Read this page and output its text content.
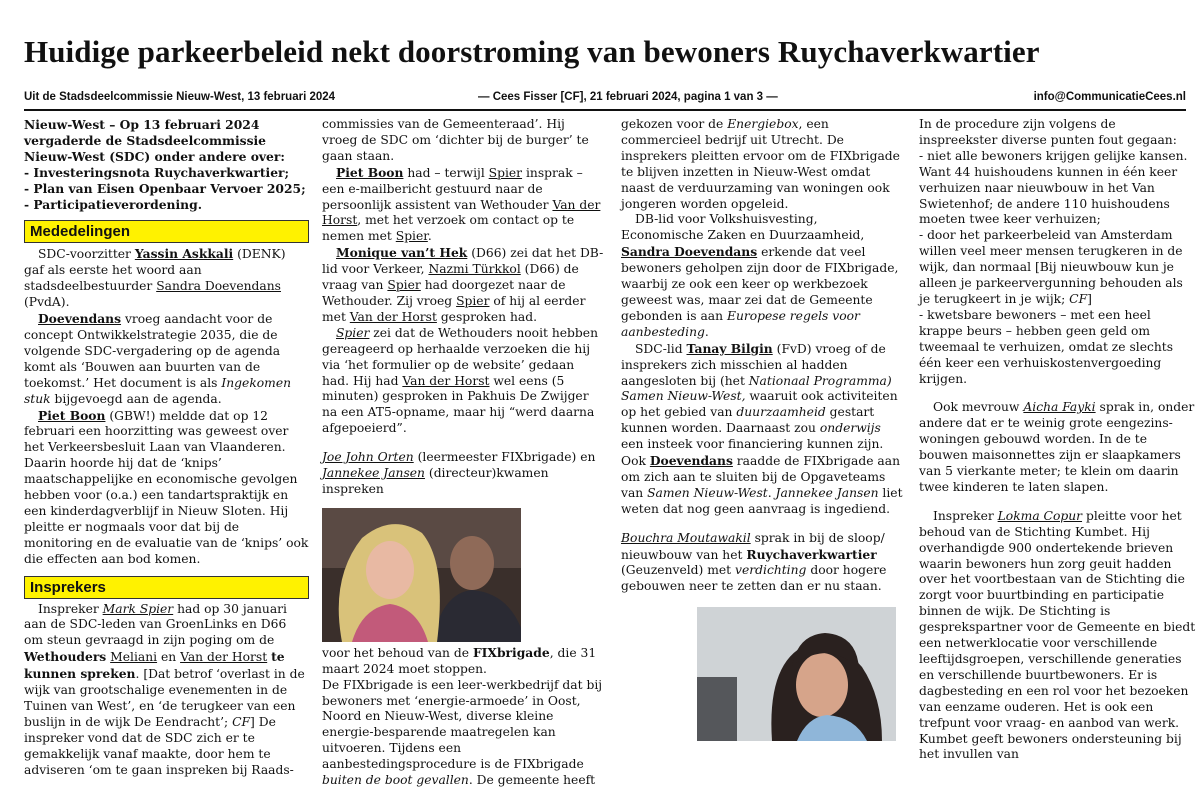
Huidige parkeerbeleid nekt doorstroming van bewoners Ruychaverkwartier
Uit de Stadsdeelcommissie Nieuw-West, 13 februari 2024	— Cees Fisser [CF], 21 februari 2024, pagina 1 van 3 —	info@CommunicatieCees.nl

Nieuw-West – Op 13 februari 2024 vergaderde de Stadsdeelcommissie Nieuw-West (SDC) onder andere over:

- Investeringsnota Ruychaverkwartier;

- Plan van Eisen Openbaar Vervoer 2025;

- Participatieverordening.

Mededelingen

SDC-voorzitter Yassin Askkali (DENK) gaf als eerste het woord aan stadsdeelbestuurder Sandra Doevendans (PvdA).

Doevendans vroeg aandacht voor de concept Ontwikkelstrategie 2035, die de volgende SDC-vergadering op de agenda komt als ‘Bouwen aan buurten van de toekomst.’ Het document is als Ingekomen stuk bijgevoegd aan de agenda.

Piet Boon (GBW!) meldde dat op 12 februari een hoorzitting was geweest over het Verkeersbesluit Laan van Vlaanderen. Daarin hoorde hij dat de ‘knips’ maatschappelijke en economische gevolgen hebben voor (o.a.) een tandartspraktijk en een kinderdagverblijf in Nieuw Sloten. Hij pleitte er nogmaals voor dat bij de monitoring en de evaluatie van de ‘knips’ ook die effecten aan bod komen.

Insprekers

Inspreker Mark Spier had op 30 januari aan de SDC-leden van GroenLinks en D66 om steun gevraagd in zijn poging om de Wethouders Meliani en Van der Horst te kunnen spreken. [Dat betrof ‘overlast in de wijk van grootschalige evenementen in de Tuinen van West’, en ‘de terugkeer van een buslijn in de wijk De Eendracht’; CF] De inspreker vond dat de SDC zich er te gemakkelijk vanaf maakte, door hem te adviseren ‘om te gaan inspreken bij Raads-

commissies van de Gemeenteraad’. Hij vroeg de SDC om ‘dichter bij de burger’ te gaan staan.

Piet Boon had – terwijl Spier insprak – een e-mailbericht gestuurd naar de persoonlijk assistent van Wethouder Van der Horst, met het verzoek om contact op te nemen met Spier.

Monique van’t Hek (D66) zei dat het DB-lid voor Verkeer, Nazmi Türkkol (D66) de vraag van Spier had doorgezet naar de Wethouder. Zij vroeg Spier of hij al eerder met Van der Horst gesproken had.

Spier zei dat de Wethouders nooit hebben gereageerd op herhaalde verzoeken die hij via ‘het formulier op de website’ gedaan had. Hij had Van der Horst wel eens (5 minuten) gesproken in Pakhuis De Zwijger na een AT5-opname, maar hij “werd daarna afgepoeierd”.

Joe John Orten (leermeester FIXbrigade) en Jannekee Jansen (directeur)kwamen inspreken

voor het behoud van de FIXbrigade, die 31 maart 2024 moet stoppen.

De FIXbrigade is een leer-werkbedrijf dat bij bewoners met ‘energie-armoede’ in Oost, Noord en Nieuw-West, diverse kleine energie-besparende maatregelen kan uitvoeren. Tijdens een aanbestedingsprocedure is de FIXbrigade buiten de boot gevallen. De gemeente heeft

gekozen voor de Energiebox, een commercieel bedrijf uit Utrecht. De insprekers pleitten ervoor om de FIXbrigade te blijven inzetten in Nieuw-West omdat naast de verduurzaming van woningen ook jongeren worden opgeleid.

DB-lid voor Volkshuisvesting, Economische Zaken en Duurzaamheid, Sandra Doevendans erkende dat veel bewoners geholpen zijn door de FIXbrigade, waarbij ze ook een keer op werkbezoek geweest was, maar zei dat de Gemeente gebonden is aan Europese regels voor aanbesteding.

SDC-lid Tanay Bilgin (FvD) vroeg of de insprekers zich misschien al hadden aangesloten bij (het Nationaal Programma) Samen Nieuw-West, waaruit ook activiteiten op het gebied van duurzaamheid gestart kunnen worden. Daarnaast zou onderwijs een insteek voor financiering kunnen zijn. Ook Doevendans raadde de FIXbrigade aan om zich aan te sluiten bij de Opgaveteams van Samen Nieuw-West. Jannekee Jansen liet weten dat nog geen aanvraag is ingediend.

Bouchra Moutawakil sprak in bij de sloop/ nieuwbouw van het Ruychaverkwartier (Geuzenveld) met verdichting door hogere gebouwen neer te zetten dan er nu staan.

In de procedure zijn volgens de inspreekster diverse punten fout gegaan:

- niet alle bewoners krijgen gelijke kansen. Want 44 huishoudens kunnen in één keer verhuizen naar nieuwbouw in het Van Swietenhof; de andere 110 huishoudens moeten twee keer verhuizen;

- door het parkeerbeleid van Amsterdam willen veel meer mensen terugkeren in de wijk, dan normaal [Bij nieuwbouw kun je alleen je parkeervergunning behouden als je terugkeert in je wijk; CF]

- kwetsbare bewoners – met een heel krappe beurs – hebben geen geld om tweemaal te verhuizen, omdat ze slechts één keer een verhuiskostenvergoeding krijgen.

Ook mevrouw Aicha Fayki sprak in, onder andere dat er te weinig grote eengezins-woningen gebouwd worden. In de te bouwen maisonnettes zijn er slaapkamers van 5 vierkante meter; te klein om daarin twee kinderen te laten slapen.

Inspreker Lokma Copur pleitte voor het behoud van de Stichting Kumbet. Hij overhandigde 900 ondertekende brieven waarin bewoners hun zorg geuit hadden over het voortbestaan van de Stichting die zorgt voor buurtbinding en participatie binnen de wijk. De Stichting is gesprekspartner voor de Gemeente en biedt een netwerklocatie voor verschillende leeftijdsgroepen, verschillende generaties en verschillende buurtbewoners. Er is dagbesteding en een rol voor het bezoeken van eenzame ouderen. Het is ook een trefpunt voor vraag- en aanbod van werk. Kumbet geeft bewoners ondersteuning bij het invullen van
